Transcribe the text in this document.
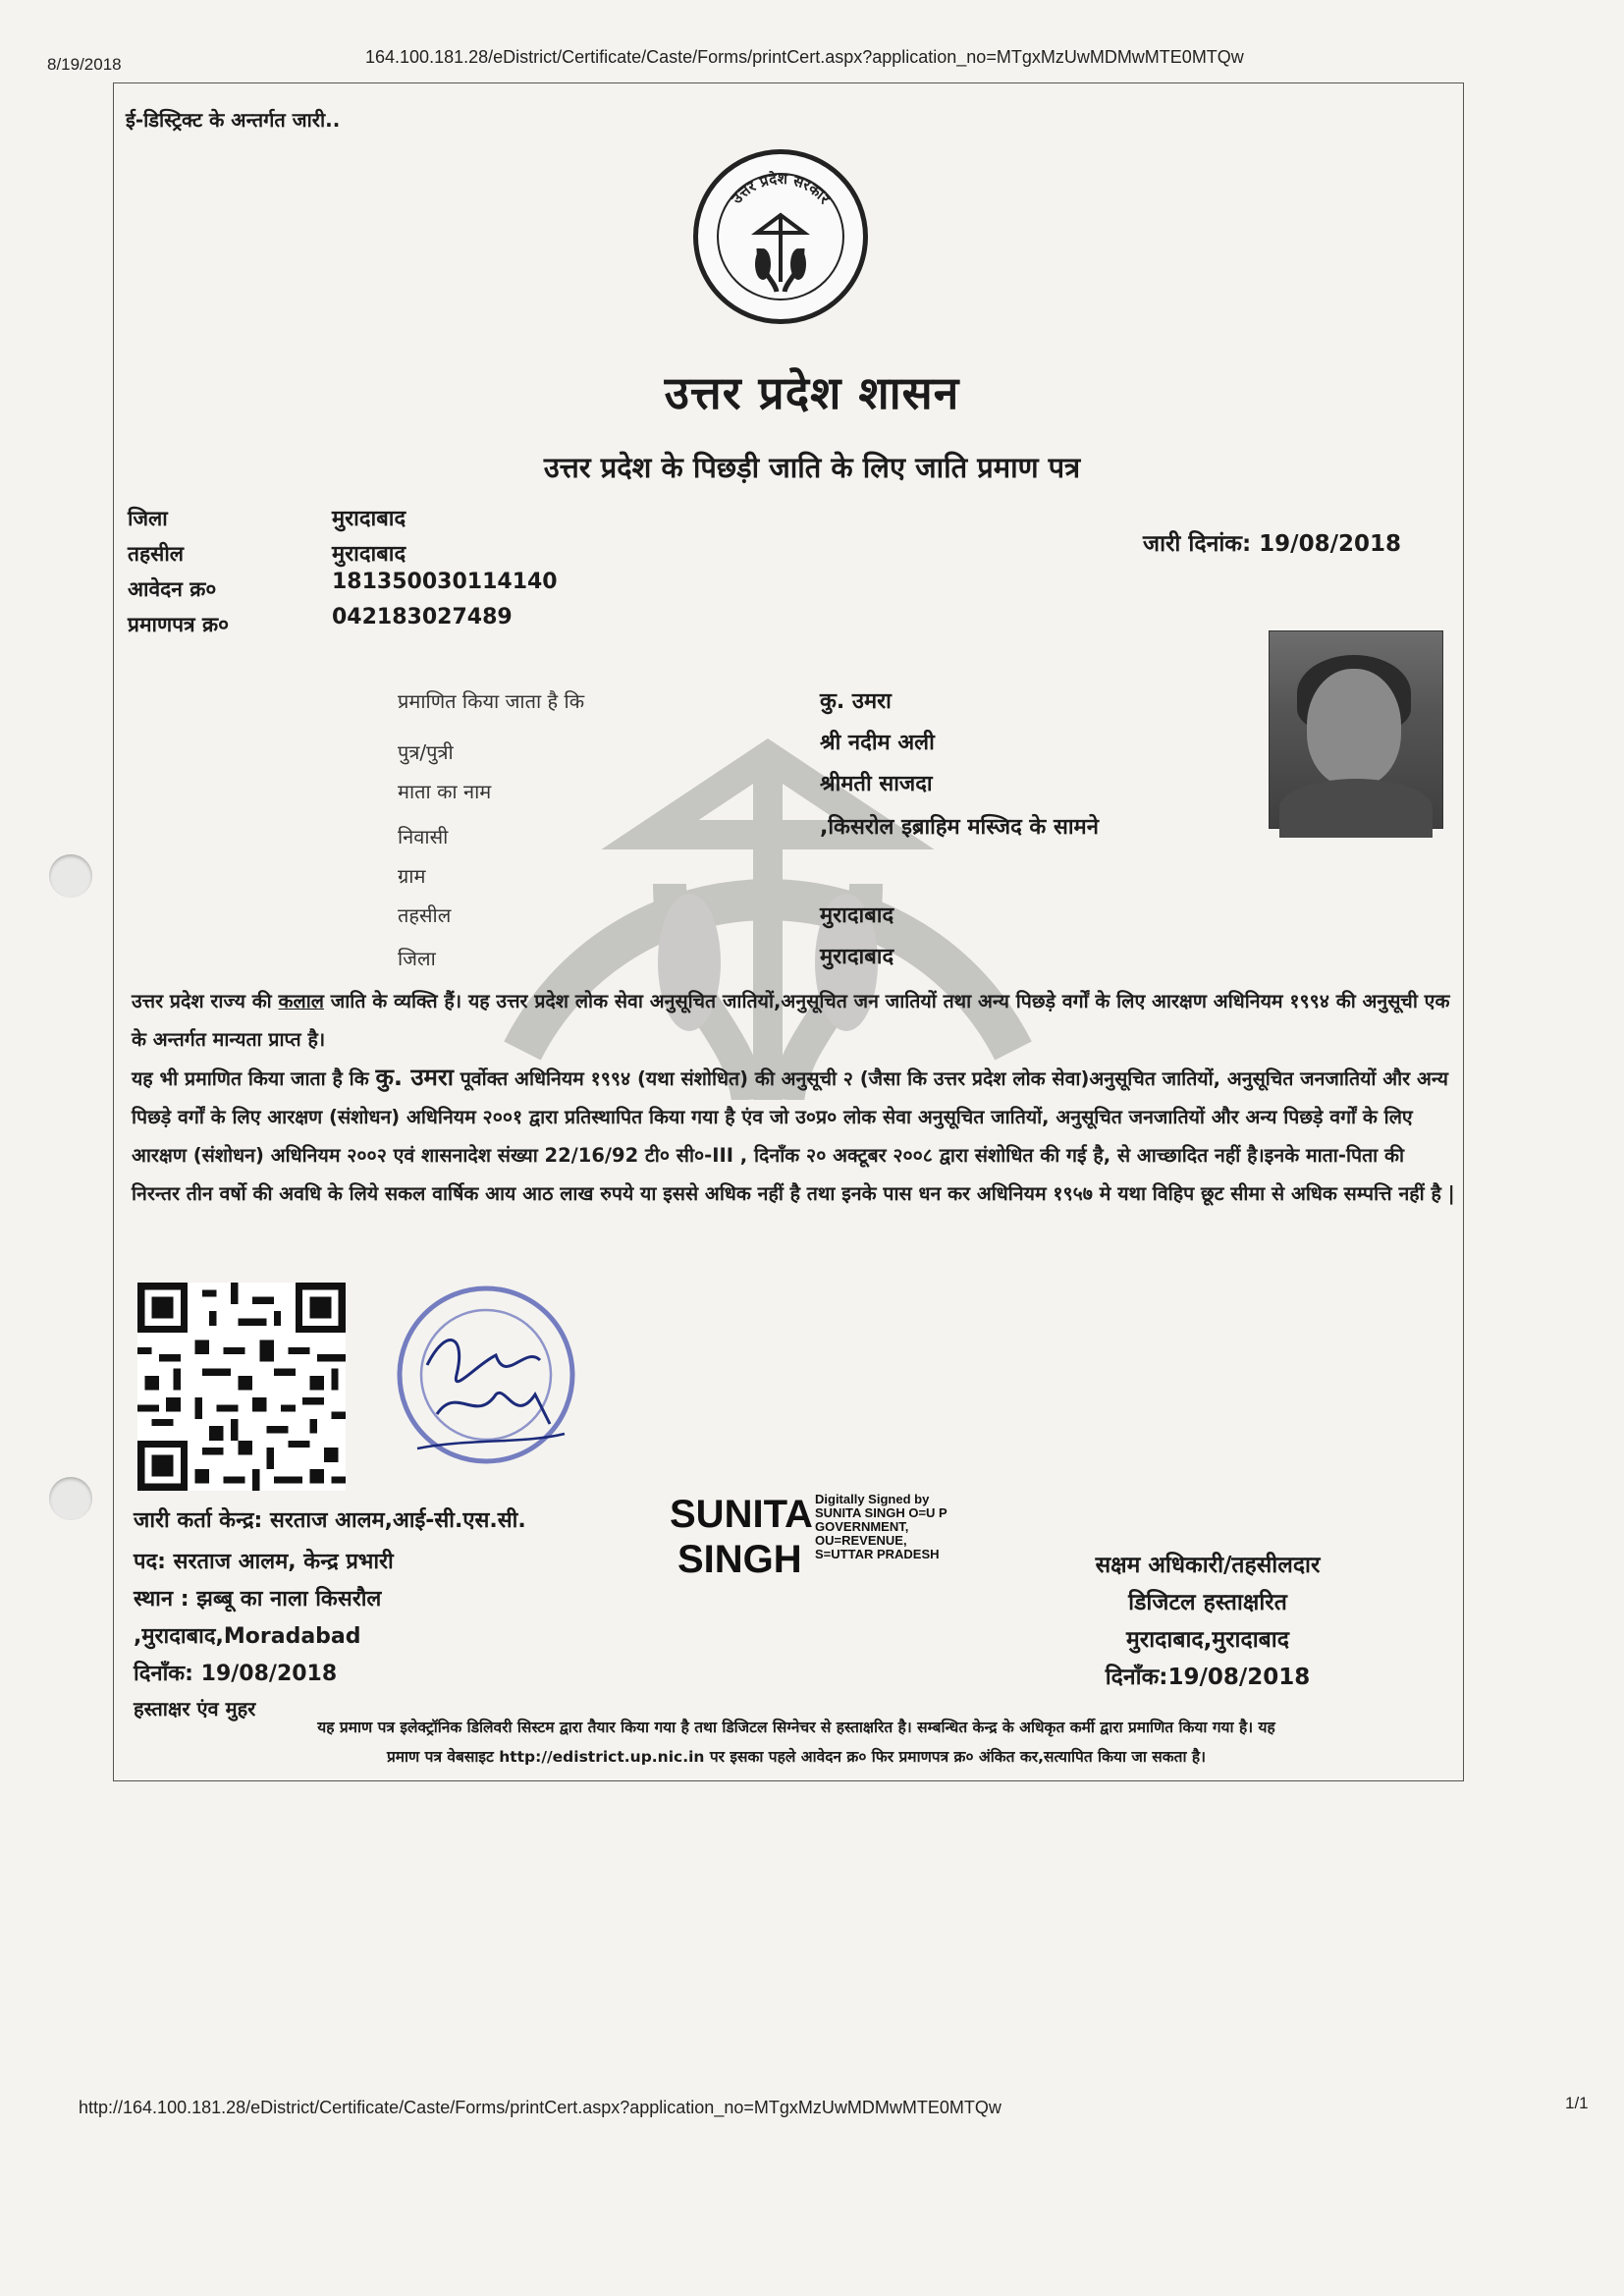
8/19/2018	164.100.181.28/eDistrict/Certificate/Caste/Forms/printCert.aspx?application_no=MTgxMzUwMDMwMTE0MTQw
ई-डिस्ट्रिक्ट के अन्तर्गत जारी..
उत्तर प्रदेश सरकार
उत्तर प्रदेश शासन
उत्तर प्रदेश के पिछड़ी जाति के लिए जाति प्रमाण पत्र
जिला	मुरादाबाद
तहसील	मुरादाबाद
आवेदन क्र०	181350030114140
प्रमाणपत्र क्र०	042183027489
जारी दिनांक: 19/08/2018
प्रमाणित किया जाता है कि	कु. उमरा
पुत्र/पुत्री	श्री नदीम अली
माता का नाम	श्रीमती साजदा
निवासी	,किसरोल इब्राहिम मस्जिद के सामने
ग्राम
तहसील	मुरादाबाद
जिला	मुरादाबाद
उत्तर प्रदेश राज्य की कलाल जाति के व्यक्ति हैं। यह उत्तर प्रदेश लोक सेवा अनुसूचित जातियों,अनुसूचित जन जातियों तथा अन्य पिछड़े वर्गों के लिए आरक्षण अधिनियम १९९४ की अनुसूची एक के अन्तर्गत मान्यता प्राप्त है।
यह भी प्रमाणित किया जाता है कि कु. उमरा पूर्वोक्त अधिनियम १९९४ (यथा संशोधित) की अनुसूची २ (जैसा कि उत्तर प्रदेश लोक सेवा)अनुसूचित जातियों, अनुसूचित जनजातियों और अन्य पिछड़े वर्गों के लिए आरक्षण (संशोधन) अधिनियम २००१ द्वारा प्रतिस्थापित किया गया है एंव जो उ०प्र० लोक सेवा अनुसूचित जातियों, अनुसूचित जनजातियों और अन्य पिछड़े वर्गों के लिए आरक्षण (संशोधन) अधिनियम २००२ एवं शासनादेश संख्या 22/16/92 टी० सी०-III , दिनाँक २० अक्टूबर २००८ द्वारा संशोधित की गई है, से आच्छादित नहीं है।इनके माता-पिता की निरन्तर तीन वर्षो की अवधि के लिये सकल वार्षिक आय आठ लाख रुपये या इससे अधिक नहीं है तथा इनके पास धन कर अधिनियम १९५७ मे यथा विहिप छूट सीमा से अधिक सम्पत्ति नहीं है |
जारी कर्ता केन्द्र: सरताज आलम,आई-सी.एस.सी.
पद: सरताज आलम, केन्द्र प्रभारी
स्थान : झब्बू का नाला किसरौल
,मुरादाबाद,Moradabad
दिनाँक: 19/08/2018
हस्ताक्षर एंव मुहर
SUNITA
SINGH
Digitally Signed by
SUNITA SINGH O=U P
GOVERNMENT,
OU=REVENUE,
S=UTTAR PRADESH	सक्षम अधिकारी/तहसीलदार
डिजिटल हस्ताक्षरित
मुरादाबाद,मुरादाबाद
दिनाँक:19/08/2018
यह प्रमाण पत्र इलेक्ट्रॉनिक डिलिवरी सिस्टम द्वारा तैयार किया गया है तथा डिजिटल सिग्नेचर से हस्ताक्षरित है। सम्बन्धित केन्द्र के अधिकृत कर्मी द्वारा प्रमाणित किया गया है। यह
प्रमाण पत्र वेबसाइट http://edistrict.up.nic.in पर इसका पहले आवेदन क्र० फिर प्रमाणपत्र क्र० अंकित कर,सत्यापित किया जा सकता है।
http://164.100.181.28/eDistrict/Certificate/Caste/Forms/printCert.aspx?application_no=MTgxMzUwMDMwMTE0MTQw	1/1
